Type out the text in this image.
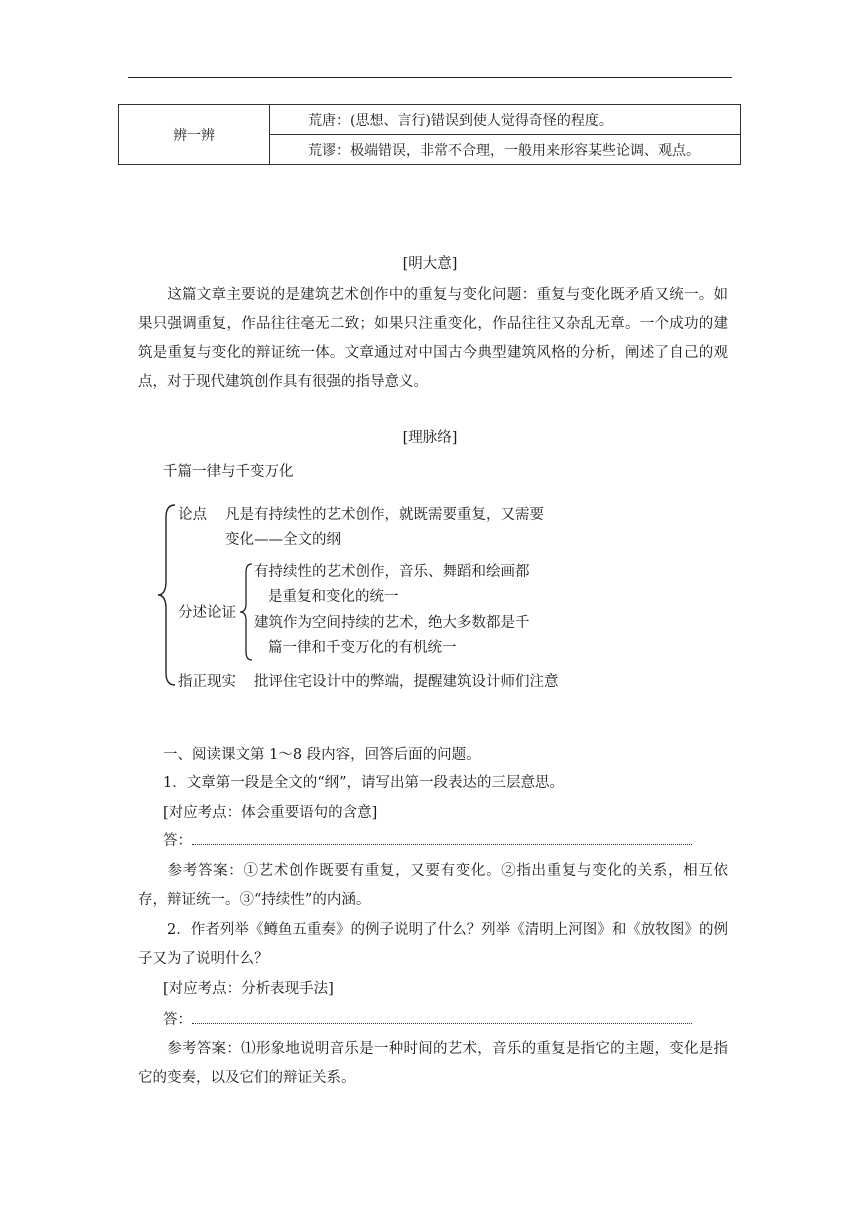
辨一辨	荒唐：(思想、言行)错误到使人觉得奇怪的程度。
荒谬：极端错误，非常不合理，一般用来形容某些论调、观点。
[明大意]
这篇文章主要说的是建筑艺术创作中的重复与变化问题：重复与变化既矛盾又统一。如果只强调重复，作品往往毫无二致；如果只注重变化，作品往往又杂乱无章。一个成功的建筑是重复与变化的辩证统一体。文章通过对中国古今典型建筑风格的分析，阐述了自己的观点，对于现代建筑创作具有很强的指导意义。
[理脉络]
千篇一律与千变万化
论点 凡是有持续性的艺术创作，就既需要重复，又需要
变化——全文的纲
分述论证
有持续性的艺术创作，音乐、舞蹈和绘画都
是重复和变化的统一
建筑作为空间持续的艺术，绝大多数都是千
篇一律和千变万化的有机统一
指正现实 批评住宅设计中的弊端，提醒建筑设计师们注意
一、阅读课文第 1～8 段内容，回答后面的问题。
1．文章第一段是全文的“纲”，请写出第一段表达的三层意思。
[对应考点：体会重要语句的含意]
答：
参考答案：①艺术创作既要有重复，又要有变化。②指出重复与变化的关系，相互依存，辩证统一。③“持续性”的内涵。
2．作者列举《鳟鱼五重奏》的例子说明了什么？列举《清明上河图》和《放牧图》的例子又为了说明什么？
[对应考点：分析表现手法]
答：
参考答案：⑴形象地说明音乐是一种时间的艺术，音乐的重复是指它的主题，变化是指它的变奏，以及它们的辩证关系。
